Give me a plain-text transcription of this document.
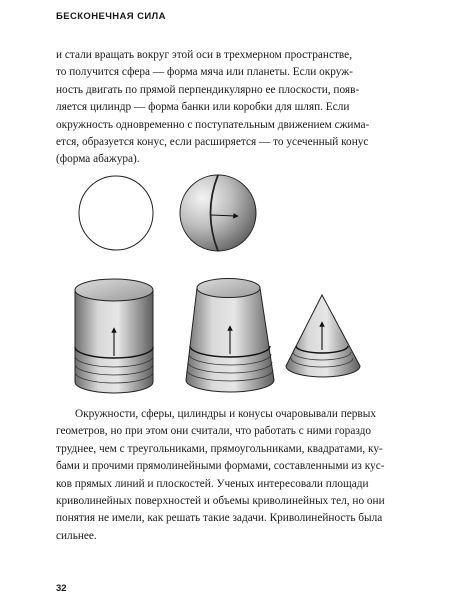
БЕСКОНЕЧНАЯ СИЛА

и стали вращать вокруг этой оси в трехмерном пространстве,
то получится сфера — форма мяча или планеты. Если окруж-
ность двигать по прямой перпендикулярно ее плоскости, появ-
ляется цилиндр — форма банки или коробки для шляп. Если
окружность одновременно с поступательным движением сжима-
ется, образуется конус, если расширяется — то усеченный конус
(форма абажура).

Окружности, сферы, цилиндры и конусы очаровывали первых
геометров, но при этом они считали, что работать с ними гораздо
труднее, чем с треугольниками, прямоугольниками, квадратами, ку-
бами и прочими прямолинейными формами, составленными из кус-
ков прямых линий и плоскостей. Ученых интересовали площади
криволинейных поверхностей и объемы криволинейных тел, но они
понятия не имели, как решать такие задачи. Криволинейность была
сильнее.

32
